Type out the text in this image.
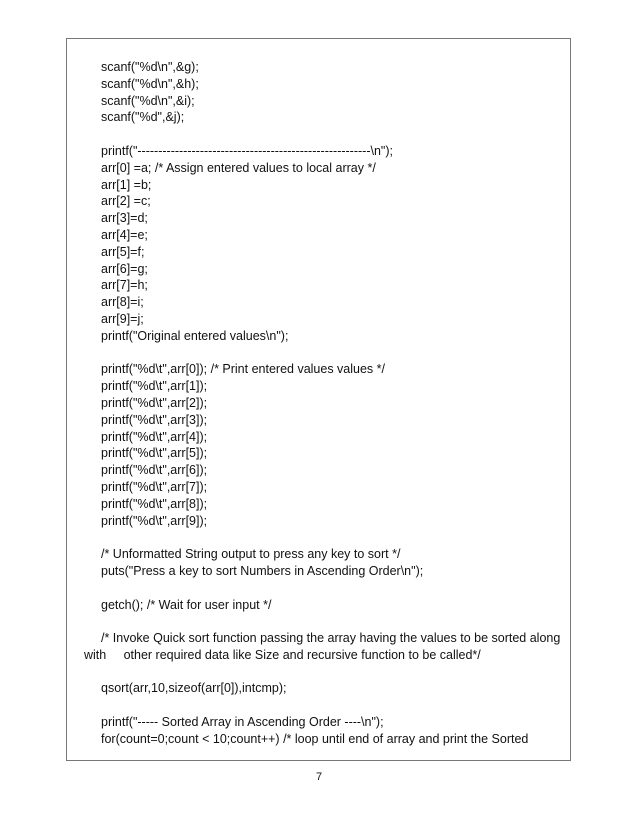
scanf("%d\n",&g);
scanf("%d\n",&h);
scanf("%d\n",&i);
scanf("%d",&j);
printf("--------------------------------------------------------\n");
arr[0] =a; /* Assign entered values to local array */
arr[1] =b;
arr[2] =c;
arr[3]=d;
arr[4]=e;
arr[5]=f;
arr[6]=g;
arr[7]=h;
arr[8]=i;
arr[9]=j;
printf("Original entered values\n");
printf("%d\t",arr[0]); /* Print entered values values */
printf("%d\t",arr[1]);
printf("%d\t",arr[2]);
printf("%d\t",arr[3]);
printf("%d\t",arr[4]);
printf("%d\t",arr[5]);
printf("%d\t",arr[6]);
printf("%d\t",arr[7]);
printf("%d\t",arr[8]);
printf("%d\t",arr[9]);
/* Unformatted String output to press any key to sort */
puts("Press a key to sort Numbers in Ascending Order\n");
getch(); /* Wait for user input */
/* Invoke Quick sort function passing the array having the values to be sorted along
with     other required data like Size and recursive function to be called*/
qsort(arr,10,sizeof(arr[0]),intcmp);
printf("----- Sorted Array in Ascending Order ----\n");
for(count=0;count < 10;count++) /* loop until end of array and print the Sorted
7
